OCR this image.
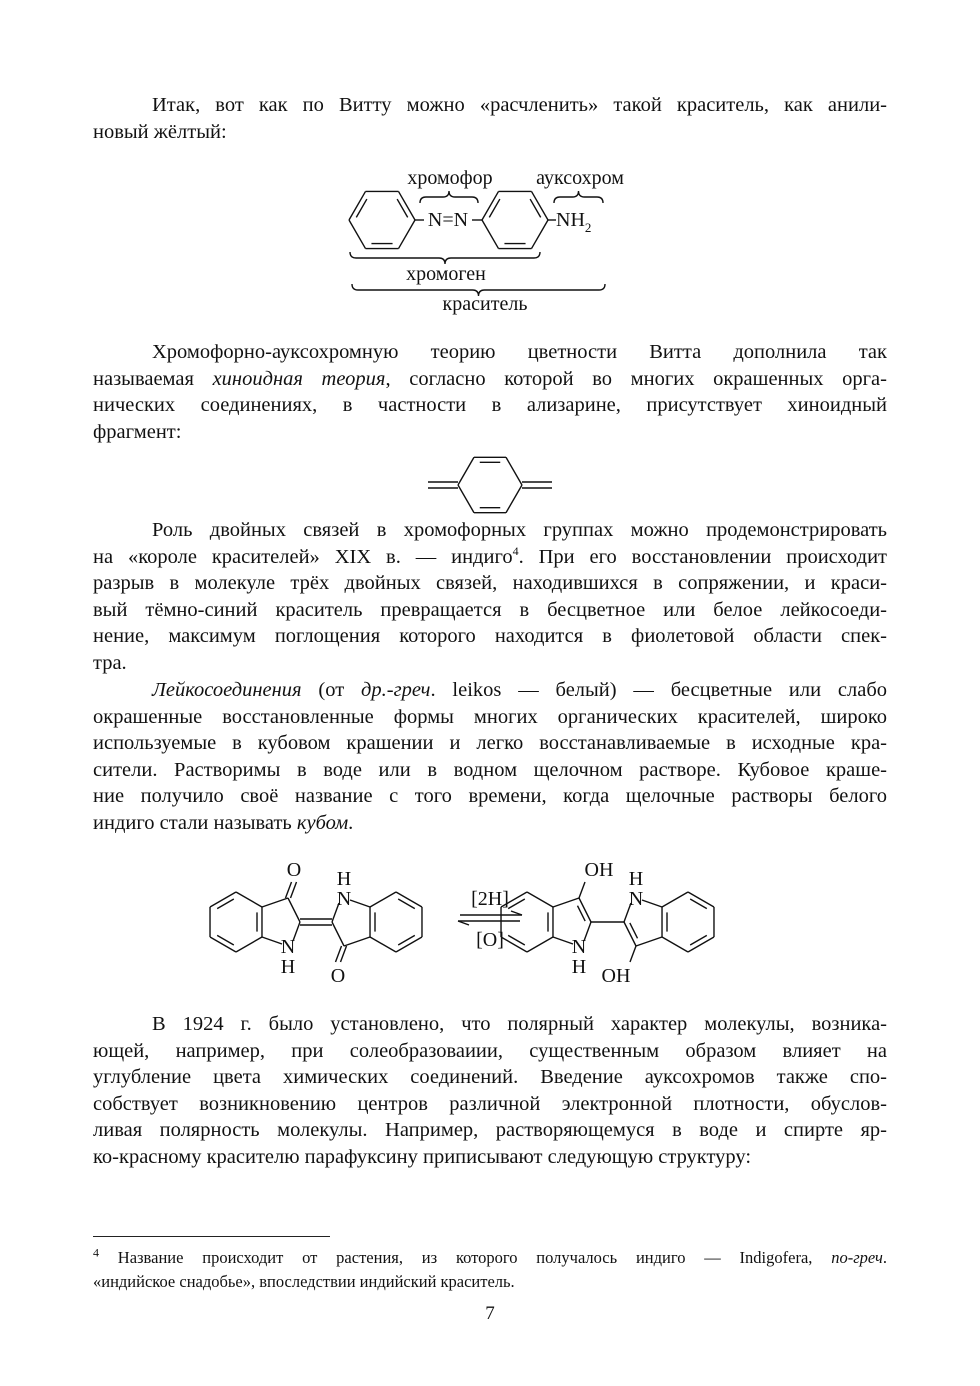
Итак, вот как по Витту можно «расчленить» такой краситель, как анили-
новый жёлтый:
хромофор ауксохром
N=N	$NH_2$
хромоген
краситель
Хромофорно-ауксохромную теорию цветности Витта дополнила так
называемая хиноидная теория, согласно которой во многих окрашенных орга-
нических соединениях, в частности в ализарине, присутствует хиноидный
фрагмент:
Роль двойных связей в хромофорных группах можно продемонстрировать
на «короле красителей» XIX в. — индиго$^4$. При его восстановлении происходит
разрыв в молекуле трёх двойных связей, находившихся в сопряжении, и краси-
вый тёмно-синий краситель превращается в бесцветное или белое лейкосоеди-
нение, максимум поглощения которого находится в фиолетовой области спек-
тра.
Лейкосоединения (от др.-греч. leikos — белый) — бесцветные или слабо
окрашенные восстановленные формы многих органических красителей, широко
используемые в кубовом крашении и легко восстанавливаемые в исходные кра-
сители. Растворимы в воде или в водном щелочном растворе. Кубовое краше-
ние получило своё название с того времени, когда щелочные растворы белого
индиго стали называть кубом.
N
H
O
N
H
O
N
H
OH
N
H
OH
[2H]
[O]
В 1924 г. было установлено, что полярный характер молекулы, возника-
ющей, например, при солеобразоваиии, существенным образом влияет на
углубление цвета химических соединений. Введение ауксохромов также спо-
собствует возникновению центров различной электронной плотности, обуслов-
ливая полярность молекулы. Например, растворяющемуся в воде и спирте яр-
ко-красному красителю парафуксину приписывают следующую структуру:
$^4$ Название происходит от растения, из которого получалось индиго — Indigofera, по-греч.
«индийское снадобье», впоследствии индийский краситель.
7
